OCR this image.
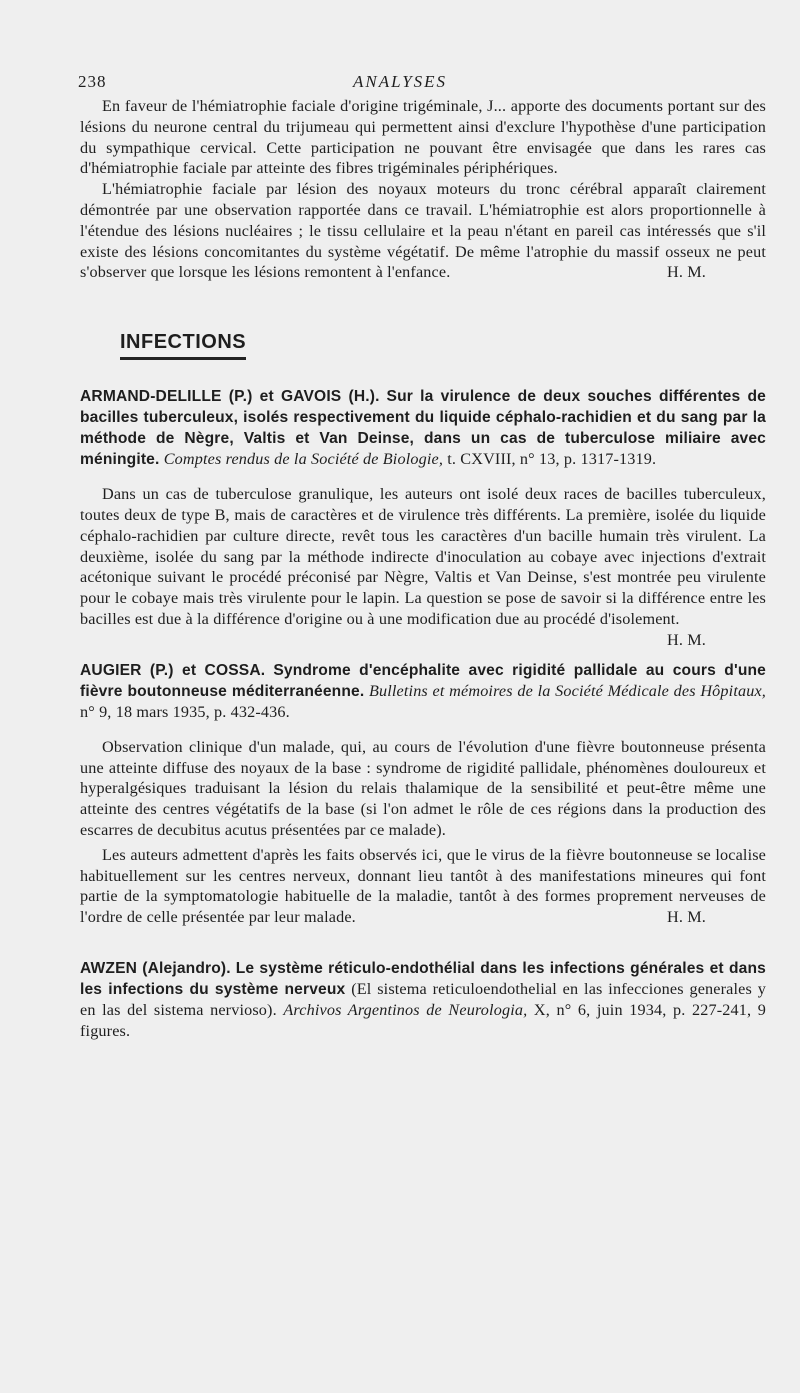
238	ANALYSES

En faveur de l'hémiatrophie faciale d'origine trigéminale, J... apporte des documents portant sur des lésions du neurone central du trijumeau qui permettent ainsi d'exclure l'hypothèse d'une participation du sympathique cervical. Cette participation ne pouvant être envisagée que dans les rares cas d'hémiatrophie faciale par atteinte des fibres trigéminales périphériques.

L'hémiatrophie faciale par lésion des noyaux moteurs du tronc cérébral apparaît clairement démontrée par une observation rapportée dans ce travail. L'hémiatrophie est alors proportionnelle à l'étendue des lésions nucléaires ; le tissu cellulaire et la peau n'étant en pareil cas intéressés que s'il existe des lésions concomitantes du système végétatif. De même l'atrophie du massif osseux ne peut s'observer que lorsque les lésions remontent à l'enfance.	H. M.

INFECTIONS

ARMAND-DELILLE (P.) et GAVOIS (H.). Sur la virulence de deux souches différentes de bacilles tuberculeux, isolés respectivement du liquide céphalo-rachidien et du sang par la méthode de Nègre, Valtis et Van Deinse, dans un cas de tuberculose miliaire avec méningite. Comptes rendus de la Société de Biologie, t. CXVIII, n° 13, p. 1317-1319.

Dans un cas de tuberculose granulique, les auteurs ont isolé deux races de bacilles tuberculeux, toutes deux de type B, mais de caractères et de virulence très différents. La première, isolée du liquide céphalo-rachidien par culture directe, revêt tous les caractères d'un bacille humain très virulent. La deuxième, isolée du sang par la méthode indirecte d'inoculation au cobaye avec injections d'extrait acétonique suivant le procédé préconisé par Nègre, Valtis et Van Deinse, s'est montrée peu virulente pour le cobaye mais très virulente pour le lapin. La question se pose de savoir si la différence entre les bacilles est due à la différence d'origine ou à une modification due au procédé d'isolement.
H. M.

AUGIER (P.) et COSSA. Syndrome d'encéphalite avec rigidité pallidale au cours d'une fièvre boutonneuse méditerranéenne. Bulletins et mémoires de la Société Médicale des Hôpitaux, n° 9, 18 mars 1935, p. 432-436.

Observation clinique d'un malade, qui, au cours de l'évolution d'une fièvre boutonneuse présenta une atteinte diffuse des noyaux de la base : syndrome de rigidité pallidale, phénomènes douloureux et hyperalgésiques traduisant la lésion du relais thalamique de la sensibilité et peut-être même une atteinte des centres végétatifs de la base (si l'on admet le rôle de ces régions dans la production des escarres de decubitus acutus présentées par ce malade).

Les auteurs admettent d'après les faits observés ici, que le virus de la fièvre boutonneuse se localise habituellement sur les centres nerveux, donnant lieu tantôt à des manifestations mineures qui font partie de la symptomatologie habituelle de la maladie, tantôt à des formes proprement nerveuses de l'ordre de celle présentée par leur malade.	H. M.

AWZEN (Alejandro). Le système réticulo-endothélial dans les infections générales et dans les infections du système nerveux (El sistema reticuloendothelial en las infecciones generales y en las del sistema nervioso). Archivos Argentinos de Neurologia, X, n° 6, juin 1934, p. 227-241, 9 figures.
